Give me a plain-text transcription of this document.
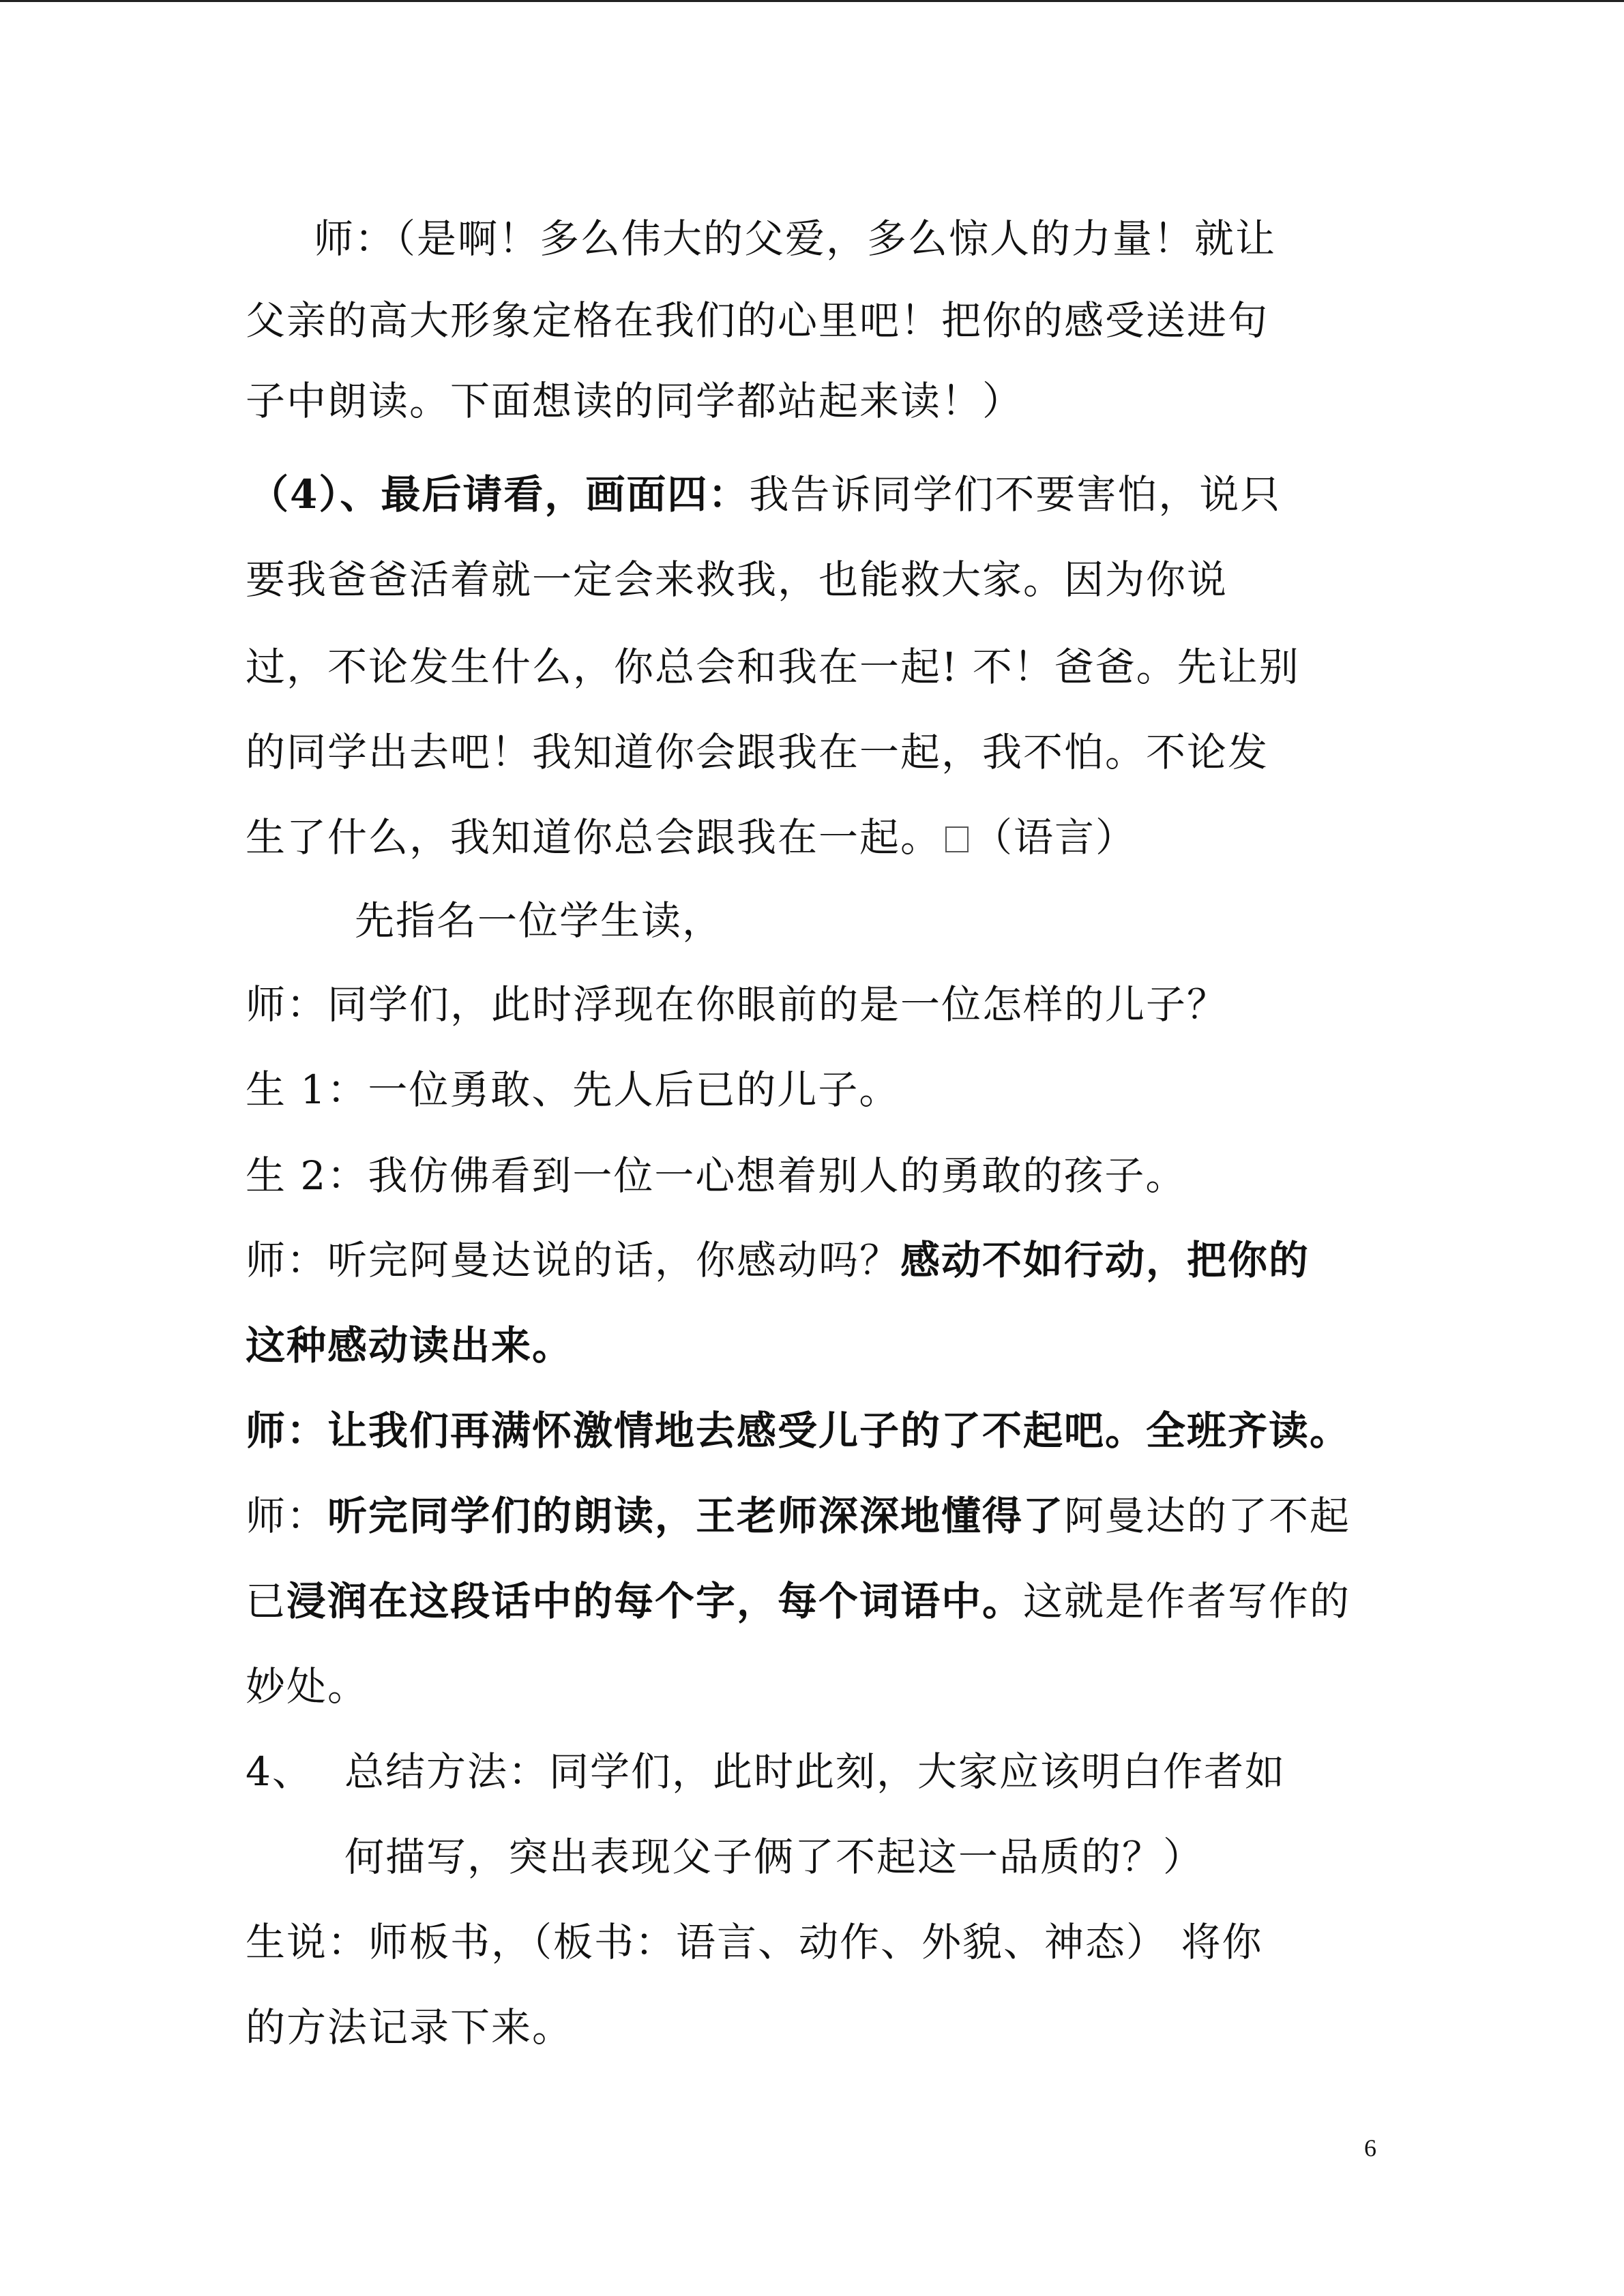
师：（是啊！多么伟大的父爱，多么惊人的力量！就让
父亲的高大形象定格在我们的心里吧！把你的感受送进句
子中朗读。下面想读的同学都站起来读！）
（4）、最后请看，画面四：我告诉同学们不要害怕，说只
要我爸爸活着就一定会来救我，也能救大家。因为你说
过，不论发生什么，你总会和我在一起! 不！爸爸。先让别
的同学出去吧！我知道你会跟我在一起，我不怕。不论发
生了什么，我知道你总会跟我在一起。 （语言）
先指名一位学生读，
师：同学们，此时浮现在你眼前的是一位怎样的儿子？
生 1：一位勇敢、先人后已的儿子。
生 2：我仿佛看到一位一心想着别人的勇敢的孩子。
师：听完阿曼达说的话，你感动吗？感动不如行动，把你的
这种感动读出来。
师：让我们再满怀激情地去感受儿子的了不起吧。全班齐读。
师：听完同学们的朗读，王老师深深地懂得了阿曼达的了不起
已浸润在这段话中的每个字，每个词语中。这就是作者写作的
妙处。
4、 总结方法：同学们，此时此刻，大家应该明白作者如
何描写，突出表现父子俩了不起这一品质的？）
生说：师板书，（板书：语言、动作、外貌、神态） 将你
的方法记录下来。
6
